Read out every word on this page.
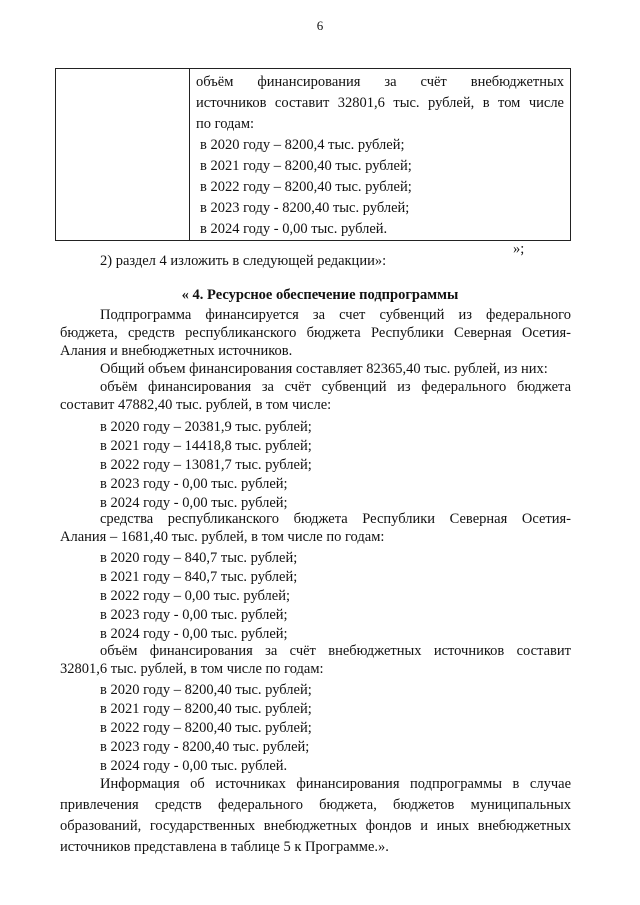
6

объём финансирования за счёт внебюджетных
источников составит 32801,6 тыс. рублей, в том числе
по годам:
в 2020 году – 8200,4 тыс. рублей;
в 2021 году – 8200,40 тыс. рублей;
в 2022 году – 8200,40 тыс. рублей;
в 2023 году - 8200,40 тыс. рублей;
в 2024 году - 0,00 тыс. рублей.
»;
2) раздел 4 изложить в следующей редакции»:
« 4. Ресурсное обеспечение подпрограммы
Подпрограмма финансируется за счет субвенций из федерального
бюджета, средств республиканского бюджета Республики Северная Осетия-
Алания и внебюджетных источников.
Общий объем финансирования составляет 82365,40 тыс. рублей, из них:
объём финансирования за счёт субвенций из федерального бюджета
составит 47882,40 тыс. рублей, в том числе:
в 2020 году – 20381,9 тыс. рублей;
в 2021 году – 14418,8 тыс. рублей;
в 2022 году – 13081,7 тыс. рублей;
в 2023 году - 0,00 тыс. рублей;
в 2024 году - 0,00 тыс. рублей;
средства республиканского бюджета Республики Северная Осетия-
Алания – 1681,40 тыс. рублей, в том числе по годам:
в 2020 году – 840,7 тыс. рублей;
в 2021 году – 840,7 тыс. рублей;
в 2022 году – 0,00 тыс. рублей;
в 2023 году - 0,00 тыс. рублей;
в 2024 году - 0,00 тыс. рублей;
объём финансирования за счёт внебюджетных источников составит
32801,6 тыс. рублей, в том числе по годам:
в 2020 году – 8200,40 тыс. рублей;
в 2021 году – 8200,40 тыс. рублей;
в 2022 году – 8200,40 тыс. рублей;
в 2023 году - 8200,40 тыс. рублей;
в 2024 году - 0,00 тыс. рублей.
Информация об источниках финансирования подпрограммы в случае
привлечения средств федерального бюджета, бюджетов муниципальных
образований, государственных внебюджетных фондов и иных внебюджетных
источников представлена в таблице 5 к Программе.».
